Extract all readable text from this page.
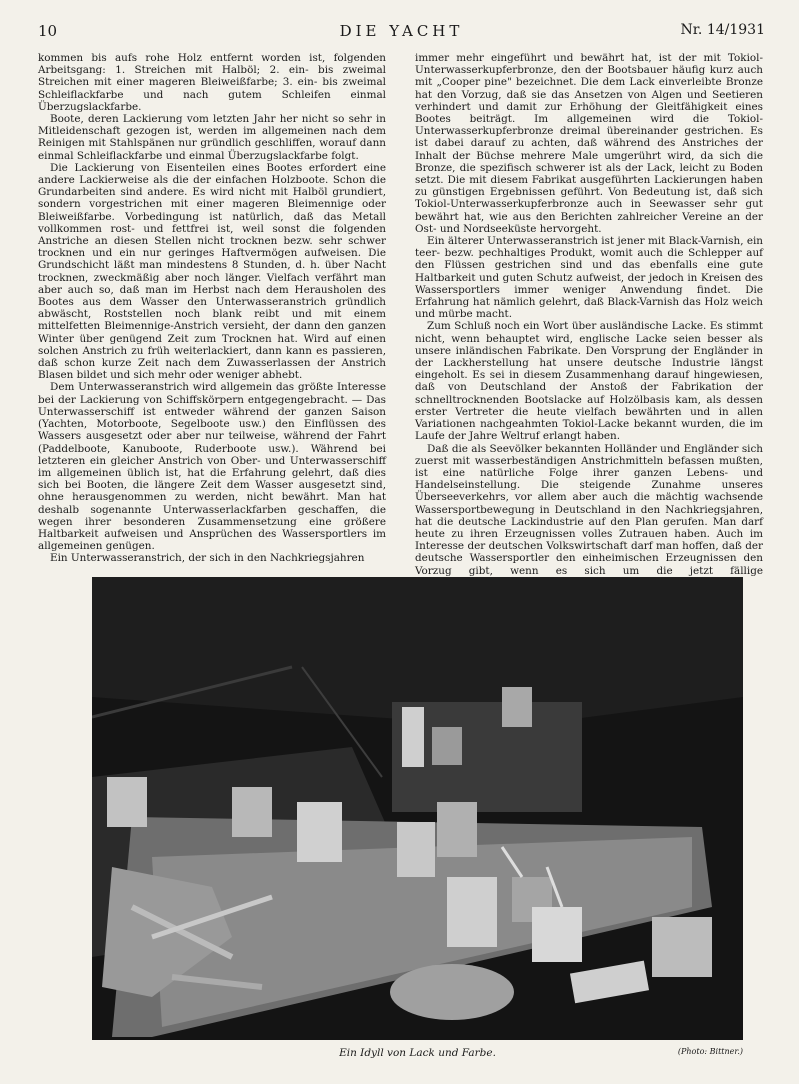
10	DIE YACHT	Nr. 14/1931

kommen bis aufs rohe Holz entfernt worden ist, folgenden Arbeitsgang: 1. Streichen mit Halböl; 2. ein- bis zweimal Streichen mit einer mageren Bleiweißfarbe; 3. ein- bis zweimal Schleiflackfarbe und nach gutem Schleifen einmal Überzugslackfarbe.

Boote, deren Lackierung vom letzten Jahr her nicht so sehr in Mitleidenschaft gezogen ist, werden im allgemeinen nach dem Reinigen mit Stahlspänen nur gründlich geschliffen, worauf dann einmal Schleiflackfarbe und einmal Überzugslackfarbe folgt.

Die Lackierung von Eisenteilen eines Bootes erfordert eine andere Lackierweise als die der einfachen Holzboote. Schon die Grundarbeiten sind andere. Es wird nicht mit Halböl grundiert, sondern vorgestrichen mit einer mageren Bleimennige oder Bleiweißfarbe. Vorbedingung ist natürlich, daß das Metall vollkommen rost- und fettfrei ist, weil sonst die folgenden Anstriche an diesen Stellen nicht trocknen bezw. sehr schwer trocknen und ein nur geringes Haftvermögen aufweisen. Die Grundschicht läßt man mindestens 8 Stunden, d. h. über Nacht trocknen, zweckmäßig aber noch länger. Vielfach verfährt man aber auch so, daß man im Herbst nach dem Herausholen des Bootes aus dem Wasser den Unterwasseranstrich gründlich abwäscht, Roststellen noch blank reibt und mit einem mittelfetten Bleimennige-Anstrich versieht, der dann den ganzen Winter über genügend Zeit zum Trocknen hat. Wird auf einen solchen Anstrich zu früh weiterlackiert, dann kann es passieren, daß schon kurze Zeit nach dem Zuwasserlassen der Anstrich Blasen bildet und sich mehr oder weniger abhebt.

Dem Unterwasseranstrich wird allgemein das größte Interesse bei der Lackierung von Schiffskörpern entgegengebracht. — Das Unterwasserschiff ist entweder während der ganzen Saison (Yachten, Motorboote, Segelboote usw.) den Einflüssen des Wassers ausgesetzt oder aber nur teilweise, während der Fahrt (Paddelboote, Kanuboote, Ruderboote usw.). Während bei letzteren ein gleicher Anstrich von Ober- und Unterwasserschiff im allgemeinen üblich ist, hat die Erfahrung gelehrt, daß dies sich bei Booten, die längere Zeit dem Wasser ausgesetzt sind, ohne herausgenommen zu werden, nicht bewährt. Man hat deshalb sogenannte Unterwasserlackfarben geschaffen, die wegen ihrer besonderen Zusammensetzung eine größere Haltbarkeit aufweisen und Ansprüchen des Wassersportlers im allgemeinen genügen.

Ein Unterwasseranstrich, der sich in den Nachkriegsjahren

immer mehr eingeführt und bewährt hat, ist der mit Tokiol-Unterwasserkupferbronze, den der Bootsbauer häufig kurz auch mit „Cooper pine" bezeichnet. Die dem Lack einverleibte Bronze hat den Vorzug, daß sie das Ansetzen von Algen und Seetieren verhindert und damit zur Erhöhung der Gleitfähigkeit eines Bootes beiträgt. Im allgemeinen wird die Tokiol-Unterwasserkupferbronze dreimal übereinander gestrichen. Es ist dabei darauf zu achten, daß während des Anstriches der Inhalt der Büchse mehrere Male umgerührt wird, da sich die Bronze, die spezifisch schwerer ist als der Lack, leicht zu Boden setzt. Die mit diesem Fabrikat ausgeführten Lackierungen haben zu günstigen Ergebnissen geführt. Von Bedeutung ist, daß sich Tokiol-Unterwasserkupferbronze auch in Seewasser sehr gut bewährt hat, wie aus den Berichten zahlreicher Vereine an der Ost- und Nordseeküste hervorgeht.

Ein älterer Unterwasseranstrich ist jener mit Black-Varnish, ein teer- bezw. pechhaltiges Produkt, womit auch die Schlepper auf den Flüssen gestrichen sind und das ebenfalls eine gute Haltbarkeit und guten Schutz aufweist, der jedoch in Kreisen des Wassersportlers immer weniger Anwendung findet. Die Erfahrung hat nämlich gelehrt, daß Black-Varnish das Holz weich und mürbe macht.

Zum Schluß noch ein Wort über ausländische Lacke. Es stimmt nicht, wenn behauptet wird, englische Lacke seien besser als unsere inländischen Fabrikate. Den Vorsprung der Engländer in der Lackherstellung hat unsere deutsche Industrie längst eingeholt. Es sei in diesem Zusammenhang darauf hingewiesen, daß von Deutschland der Anstoß der Fabrikation der schnelltrocknenden Bootslacke auf Holzölbasis kam, als dessen erster Vertreter die heute vielfach bewährten und in allen Variationen nachgeahmten Tokiol-Lacke bekannt wurden, die im Laufe der Jahre Weltruf erlangt haben.

Daß die als Seevölker bekannten Holländer und Engländer sich zuerst mit wasserbeständigen Anstrichmitteln befassen mußten, ist eine natürliche Folge ihrer ganzen Lebens- und Handelseinstellung. Die steigende Zunahme unseres Überseeverkehrs, vor allem aber auch die mächtig wachsende Wassersportbewegung in Deutschland in den Nachkriegsjahren, hat die deutsche Lackindustrie auf den Plan gerufen. Man darf heute zu ihren Erzeugnissen volles Zutrauen haben. Auch im Interesse der deutschen Volkswirtschaft darf man hoffen, daß der deutsche Wassersportler den einheimischen Erzeugnissen den Vorzug gibt, wenn es sich um die jetzt fällige

Ein Idyll von Lack und Farbe.	(Photo: Bittner.)
